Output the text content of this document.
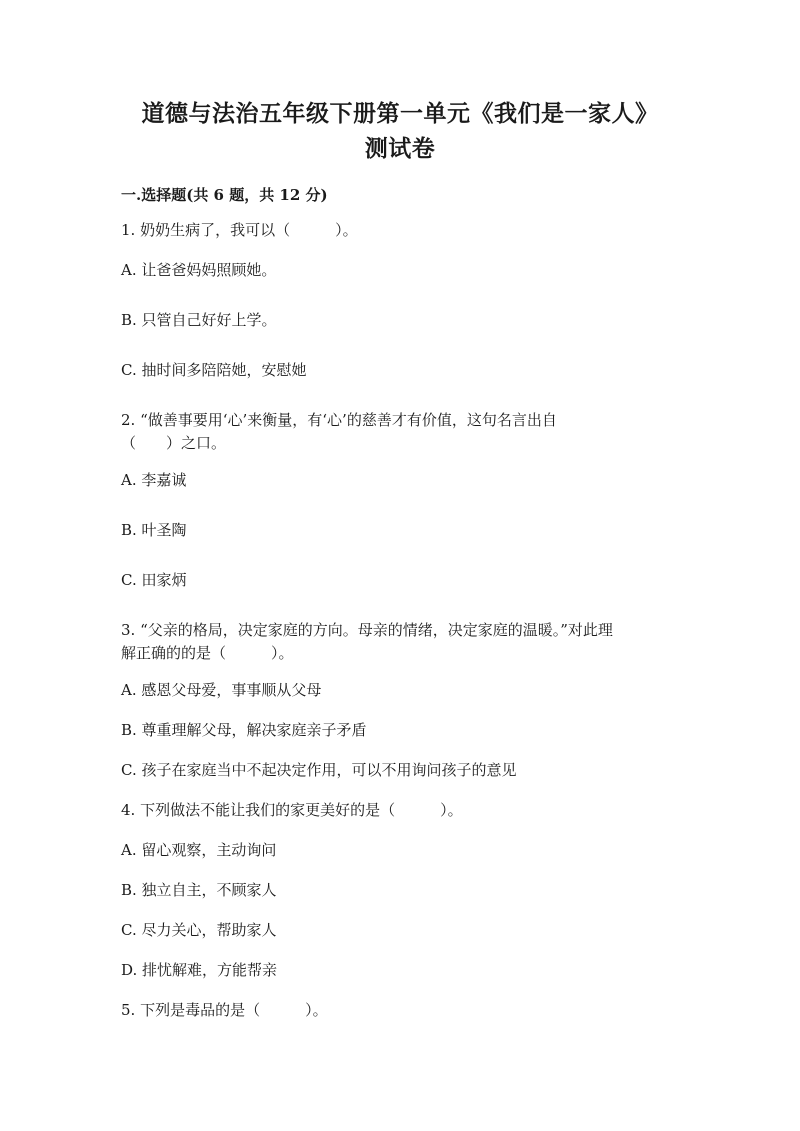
道德与法治五年级下册第一单元《我们是一家人》
测试卷
一.选择题(共 6 题，共 12 分)
1. 奶奶生病了，我可以（　　　）。
A. 让爸爸妈妈照顾她。
B. 只管自己好好上学。
C. 抽时间多陪陪她，安慰她
2. “做善事要用‘心’来衡量，有‘心’的慈善才有价值，这句名言出自
（　　）之口。
A. 李嘉诚
B. 叶圣陶
C. 田家炳
3. “父亲的格局，决定家庭的方向。母亲的情绪，决定家庭的温暖。”对此理
解正确的的是（　　　）。
A. 感恩父母爱，事事顺从父母
B. 尊重理解父母，解决家庭亲子矛盾
C. 孩子在家庭当中不起决定作用，可以不用询问孩子的意见
4. 下列做法不能让我们的家更美好的是（　　　）。
A. 留心观察，主动询问
B. 独立自主，不顾家人
C. 尽力关心，帮助家人
D. 排忧解难，方能帮亲
5. 下列是毒品的是（　　　）。
